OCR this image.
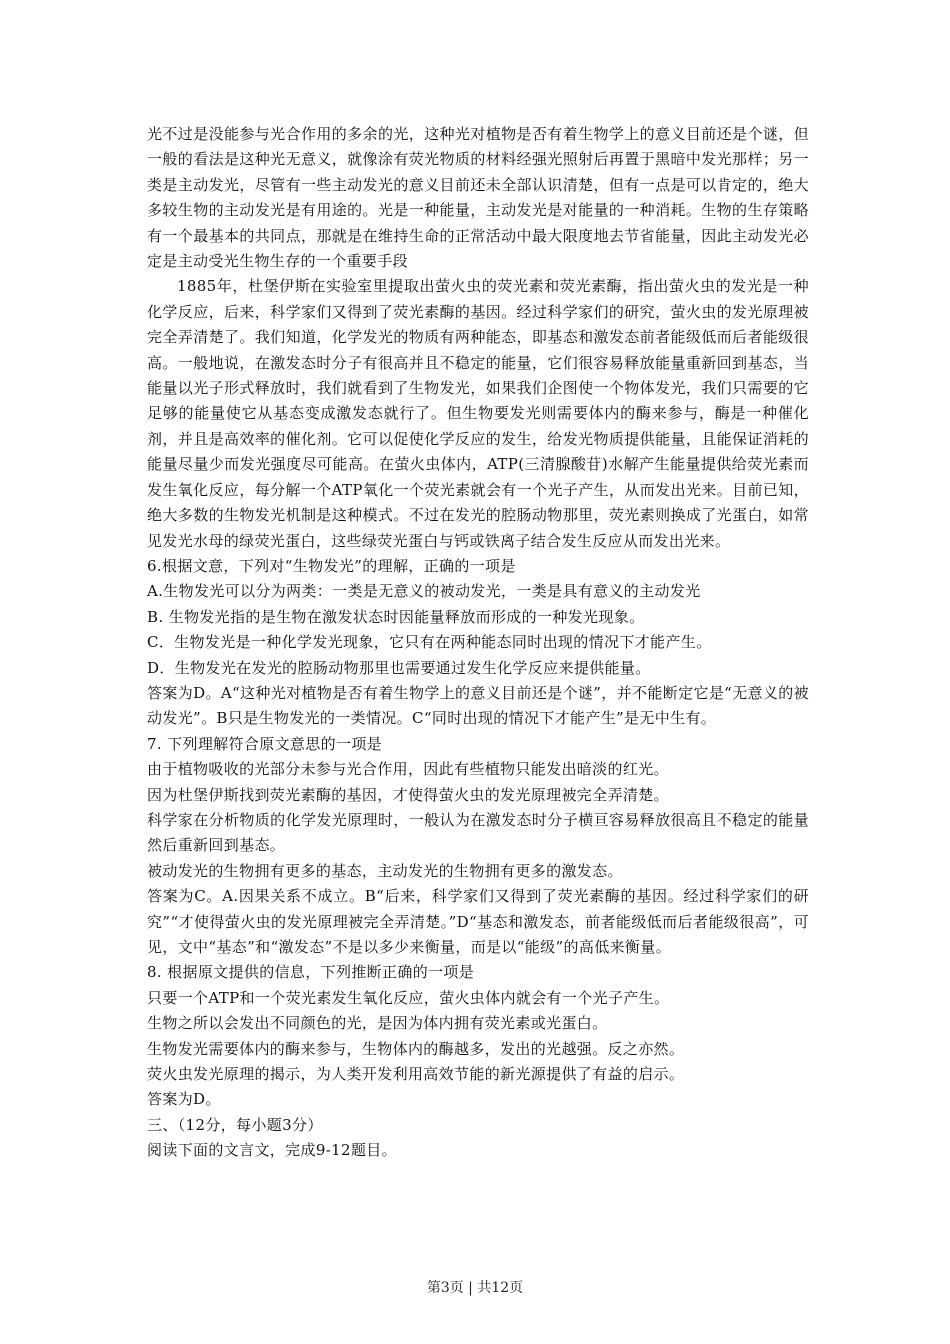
光不过是没能参与光合作用的多余的光，这种光对植物是否有着生物学上的意义目前还是个谜，但一般的看法是这种光无意义，就像涂有荧光物质的材料经强光照射后再置于黑暗中发光那样；另一类是主动发光，尽管有一些主动发光的意义目前还未全部认识清楚，但有一点是可以肯定的，绝大多较生物的主动发光是有用途的。光是一种能量，主动发光是对能量的一种消耗。生物的生存策略有一个最基本的共同点，那就是在维持生命的正常活动中最大限度地去节省能量，因此主动发光必定是主动受光生物生存的一个重要手段

1885年，杜堡伊斯在实验室里提取出萤火虫的荧光素和荧光素酶，指出萤火虫的发光是一种化学反应，后来，科学家们又得到了荧光素酶的基因。经过科学家们的研究，萤火虫的发光原理被完全弄清楚了。我们知道，化学发光的物质有两种能态，即基态和激发态前者能级低而后者能级很高。一般地说，在激发态时分子有很高并且不稳定的能量，它们很容易释放能量重新回到基态，当能量以光子形式释放时，我们就看到了生物发光，如果我们企图使一个物体发光，我们只需要的它足够的能量使它从基态变成激发态就行了。但生物要发光则需要体内的酶来参与，酶是一种催化剂，并且是高效率的催化剂。它可以促使化学反应的发生，给发光物质提供能量，且能保证消耗的能量尽量少而发光强度尽可能高。在萤火虫体内，ATP(三清腺酸苷)水解产生能量提供给荧光素而发生氧化反应，每分解一个ATP氧化一个荧光素就会有一个光子产生，从而发出光来。目前已知，绝大多数的生物发光机制是这种模式。不过在发光的腔肠动物那里，荧光素则换成了光蛋白，如常见发光水母的绿荧光蛋白，这些绿荧光蛋白与钙或铁离子结合发生反应从而发出光来。

6.根据文意，下列对“生物发光”的理解，正确的一项是

A.生物发光可以分为两类：一类是无意义的被动发光，一类是具有意义的主动发光

B. 生物发光指的是生物在激发状态时因能量释放而形成的一种发光现象。

C．生物发光是一种化学发光现象，它只有在两种能态同时出现的情况下才能产生。

D．生物发光在发光的腔肠动物那里也需要通过发生化学反应来提供能量。

答案为D。A“这种光对植物是否有着生物学上的意义目前还是个谜”，并不能断定它是“无意义的被动发光”。B只是生物发光的一类情况。C“同时出现的情况下才能产生”是无中生有。

7. 下列理解符合原文意思的一项是

由于植物吸收的光部分未参与光合作用，因此有些植物只能发出暗淡的红光。

因为杜堡伊斯找到荧光素酶的基因，才使得萤火虫的发光原理被完全弄清楚。

科学家在分析物质的化学发光原理时，一般认为在激发态时分子横亘容易释放很高且不稳定的能量然后重新回到基态。

被动发光的生物拥有更多的基态，主动发光的生物拥有更多的激发态。

答案为C。A.因果关系不成立。B“后来，科学家们又得到了荧光素酶的基因。经过科学家们的研究”“才使得萤火虫的发光原理被完全弄清楚。”D“基态和激发态，前者能级低而后者能级很高”，可见，文中“基态”和“激发态”不是以多少来衡量，而是以“能级”的高低来衡量。

8. 根据原文提供的信息，下列推断正确的一项是

只要一个ATP和一个荧光素发生氧化反应，萤火虫体内就会有一个光子产生。

生物之所以会发出不同颜色的光，是因为体内拥有荧光素或光蛋白。

生物发光需要体内的酶来参与，生物体内的酶越多，发出的光越强。反之亦然。

荧火虫发光原理的揭示，为人类开发利用高效节能的新光源提供了有益的启示。

答案为D。

三、（12分，每小题3分）

阅读下面的文言文，完成9-12题目。

第3页 | 共12页
